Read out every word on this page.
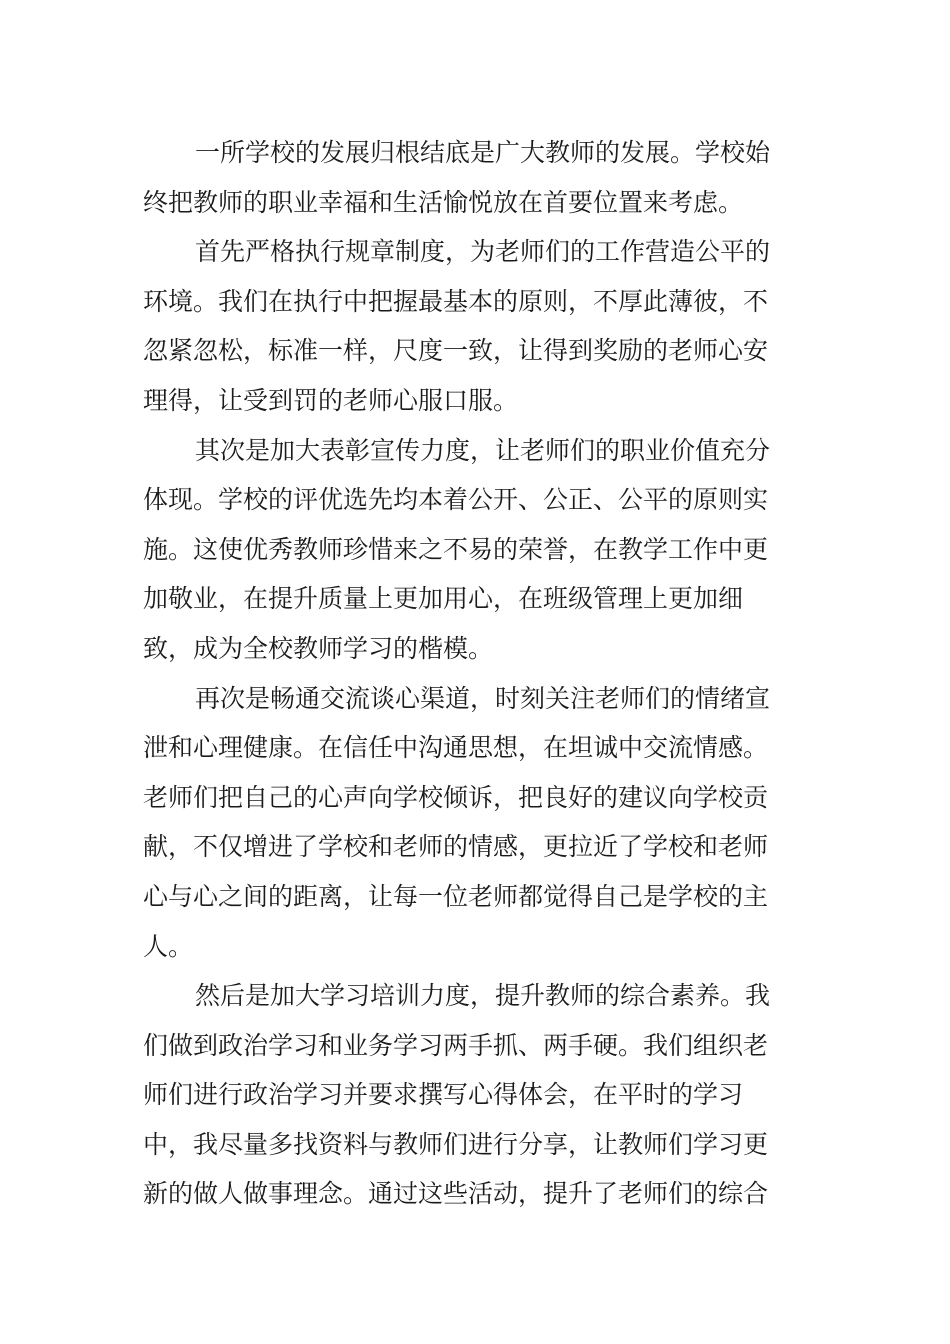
一所学校的发展归根结底是广大教师的发展。学校始
终把教师的职业幸福和生活愉悦放在首要位置来考虑。
首先严格执行规章制度，为老师们的工作营造公平的
环境。我们在执行中把握最基本的原则，不厚此薄彼，不
忽紧忽松，标准一样，尺度一致，让得到奖励的老师心安
理得，让受到罚的老师心服口服。
其次是加大表彰宣传力度，让老师们的职业价值充分
体现。学校的评优选先均本着公开、公正、公平的原则实
施。这使优秀教师珍惜来之不易的荣誉，在教学工作中更
加敬业，在提升质量上更加用心，在班级管理上更加细
致，成为全校教师学习的楷模。
再次是畅通交流谈心渠道，时刻关注老师们的情绪宣
泄和心理健康。在信任中沟通思想，在坦诚中交流情感。
老师们把自己的心声向学校倾诉，把良好的建议向学校贡
献，不仅增进了学校和老师的情感，更拉近了学校和老师
心与心之间的距离，让每一位老师都觉得自己是学校的主
人。
然后是加大学习培训力度，提升教师的综合素养。我
们做到政治学习和业务学习两手抓、两手硬。我们组织老
师们进行政治学习并要求撰写心得体会，在平时的学习
中，我尽量多找资料与教师们进行分享，让教师们学习更
新的做人做事理念。通过这些活动，提升了老师们的综合
